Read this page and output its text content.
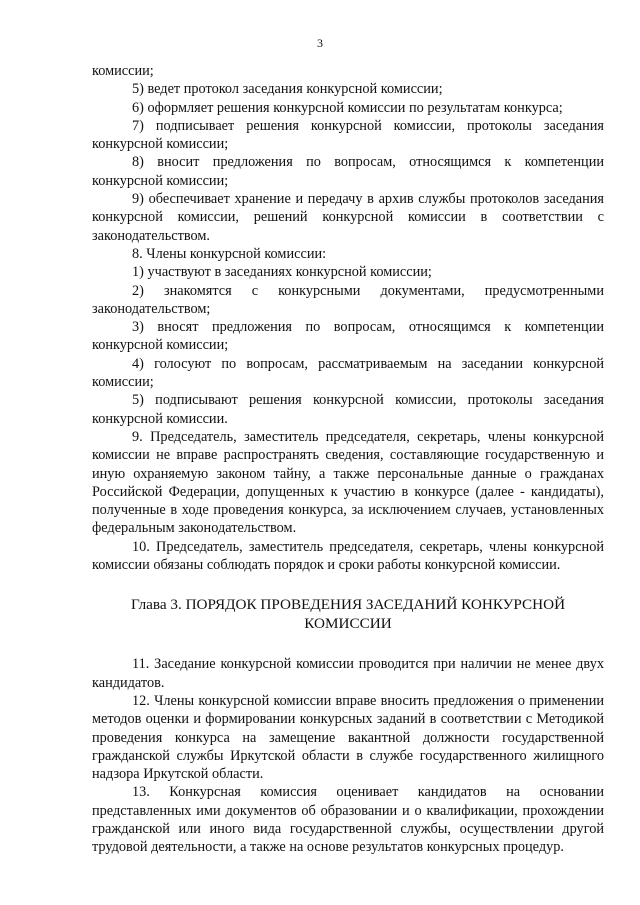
3

комиссии;

5) ведет протокол заседания конкурсной комиссии;

6) оформляет решения конкурсной комиссии по результатам конкурса;

7) подписывает решения конкурсной комиссии, протоколы заседания конкурсной комиссии;

8) вносит предложения по вопросам, относящимся к компетенции конкурсной комиссии;

9) обеспечивает хранение и передачу в архив службы протоколов заседания конкурсной комиссии, решений конкурсной комиссии в соответствии с законодательством.

8. Члены конкурсной комиссии:

1) участвуют в заседаниях конкурсной комиссии;

2) знакомятся с конкурсными документами, предусмотренными законодательством;

3) вносят предложения по вопросам, относящимся к компетенции конкурсной комиссии;

4) голосуют по вопросам, рассматриваемым на заседании конкурсной комиссии;

5) подписывают решения конкурсной комиссии, протоколы заседания конкурсной комиссии.

9. Председатель, заместитель председателя, секретарь, члены конкурсной комиссии не вправе распространять сведения, составляющие государственную и иную охраняемую законом тайну, а также персональные данные о гражданах Российской Федерации, допущенных к участию в конкурсе (далее - кандидаты), полученные в ходе проведения конкурса, за исключением случаев, установленных федеральным законодательством.

10. Председатель, заместитель председателя, секретарь, члены конкурсной комиссии обязаны соблюдать порядок и сроки работы конкурсной комиссии.

Глава 3. ПОРЯДОК ПРОВЕДЕНИЯ ЗАСЕДАНИЙ КОНКУРСНОЙ КОМИССИИ

11. Заседание конкурсной комиссии проводится при наличии не менее двух кандидатов.

12. Члены конкурсной комиссии вправе вносить предложения о применении методов оценки и формировании конкурсных заданий в соответствии с Методикой проведения конкурса на замещение вакантной должности государственной гражданской службы Иркутской области в службе государственного жилищного надзора Иркутской области.

13. Конкурсная комиссия оценивает кандидатов на основании представленных ими документов об образовании и о квалификации, прохождении гражданской или иного вида государственной службы, осуществлении другой трудовой деятельности, а также на основе результатов конкурсных процедур.
